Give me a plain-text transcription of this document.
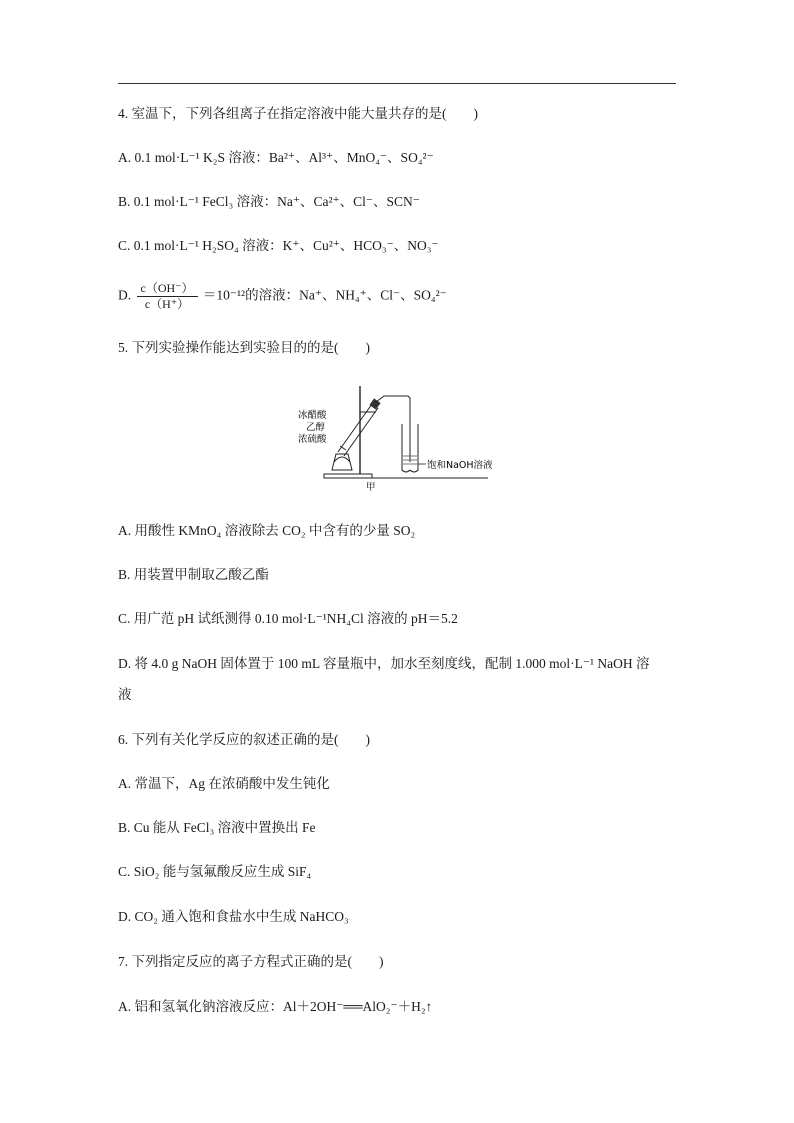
4. 室温下，下列各组离子在指定溶液中能大量共存的是(　　)
A. 0.1 mol·L⁻¹ K₂S 溶液：Ba²⁺、Al³⁺、MnO₄⁻、SO₄²⁻
B. 0.1 mol·L⁻¹ FeCl₃ 溶液：Na⁺、Ca²⁺、Cl⁻、SCN⁻
C. 0.1 mol·L⁻¹ H₂SO₄ 溶液：K⁺、Cu²⁺、HCO₃⁻、NO₃⁻
D. $\frac{c(OH^-)}{c(H^+)} =10^{-12}$的溶液：Na⁺、NH₄⁺、Cl⁻、SO₄²⁻
5. 下列实验操作能达到实验目的的是(　　)
冰醋酸
乙醇
浓硫酸
饱和NaOH溶液
甲
A. 用酸性 KMnO₄ 溶液除去 CO₂ 中含有的少量 SO₂
B. 用装置甲制取乙酸乙酯
C. 用广范 pH 试纸测得 0.10 mol·L⁻¹NH₄Cl 溶液的 pH＝5.2
D. 将 4.0 g NaOH 固体置于 100 mL 容量瓶中，加水至刻度线，配制 1.000 mol·L⁻¹ NaOH 溶
液
6. 下列有关化学反应的叙述正确的是(　　)
A. 常温下，Ag 在浓硝酸中发生钝化
B. Cu 能从 FeCl₃ 溶液中置换出 Fe
C. SiO₂ 能与氢氟酸反应生成 SiF₄
D. CO₂ 通入饱和食盐水中生成 NaHCO₃
7. 下列指定反应的离子方程式正确的是(　　)
A. 铝和氢氧化钠溶液反应：Al＋2OH⁻══AlO₂⁻＋H₂↑
